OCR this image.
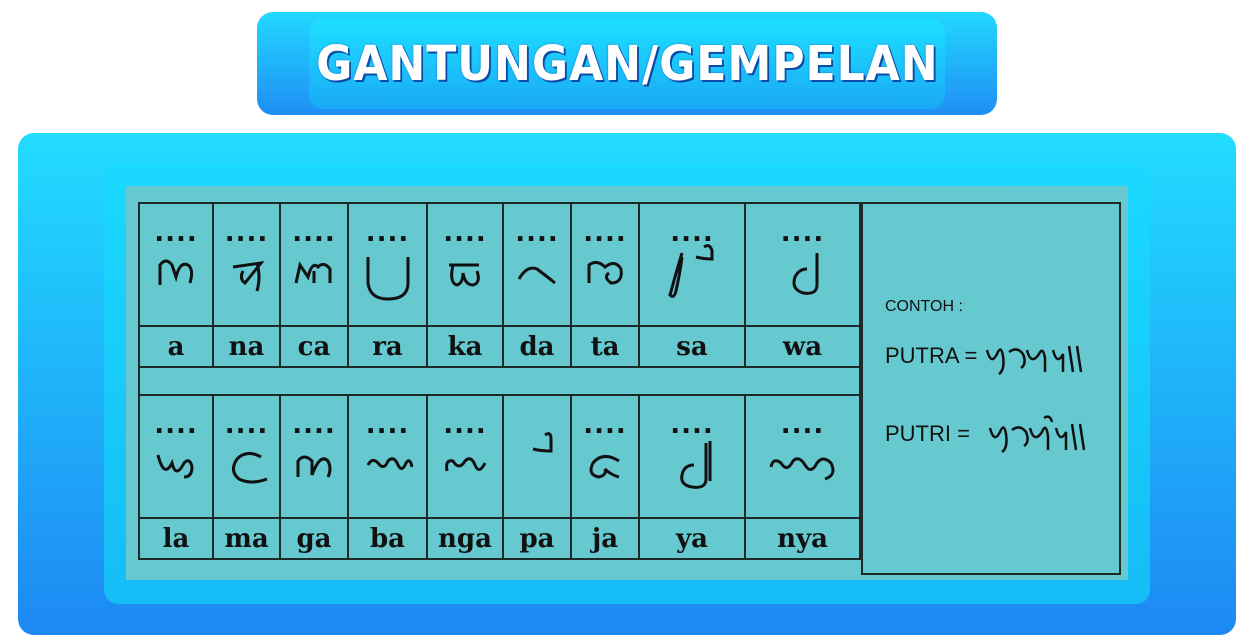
GANTUNGAN/GEMPELAN
....	....	....	....	....	....	....	....	....

a	na	ca	ra	ka	da	ta	sa	wa

....	....	....	....	....		....	....	....

la	ma	ga	ba	nga	pa	ja	ya	nya
CONTOH :
PUTRA =
PUTRI =
